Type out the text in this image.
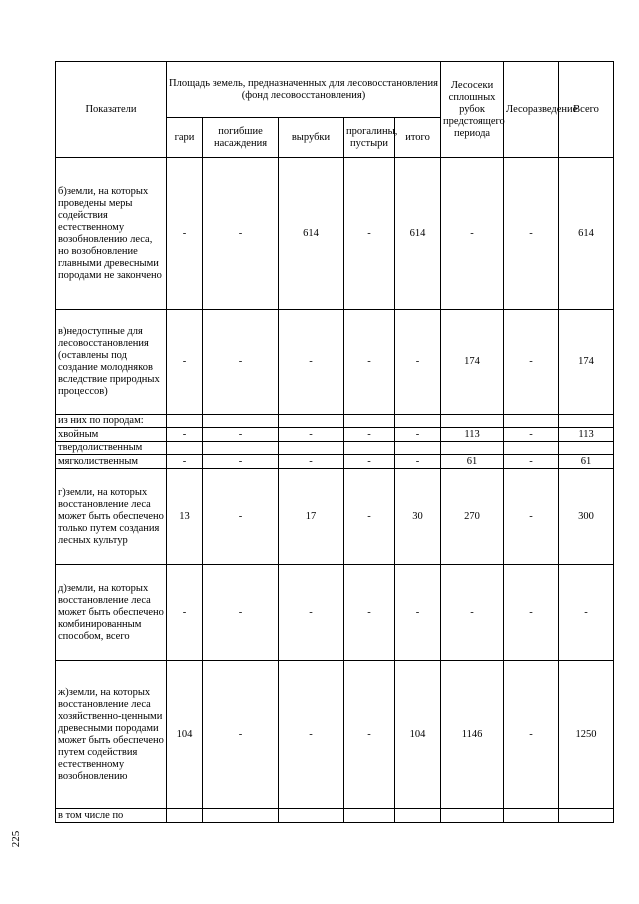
225
Показатели	Площадь земель, предназначенных для лесовосстановления (фонд лесовосстановления)					Лесосеки сплошных рубок предстоящего периода	Лесоразведение	Всего
	гари	погибшие насаждения	вырубки	прогалины, пустыри	итого			
б)земли, на которых проведены меры содействия естественному возобновлению леса, но возобновление главными древесными породами не закончено	-	-	614	-	614	-	-	614
в)недоступные для лесовосстановления (оставлены под создание молодняков вследствие природных процессов)	-	-	-	-	-	174	-	174
из них по породам:								
хвойным	-	-	-	-	-	113	-	113
твердолиственным								
мягколиственным	-	-	-	-	-	61	-	61
г)земли, на которых восстановление леса может быть обеспечено только путем создания лесных культур	13	-	17	-	30	270	-	300
д)земли, на которых восстановление леса может быть обеспечено комбинированным способом, всего	-	-	-	-	-	-	-	-
ж)земли, на которых восстановление леса хозяйственно-ценными древесными породами может быть обеспечено путем содействия естественному возобновлению	104	-	-	-	104	1146	-	1250
в том числе по								
